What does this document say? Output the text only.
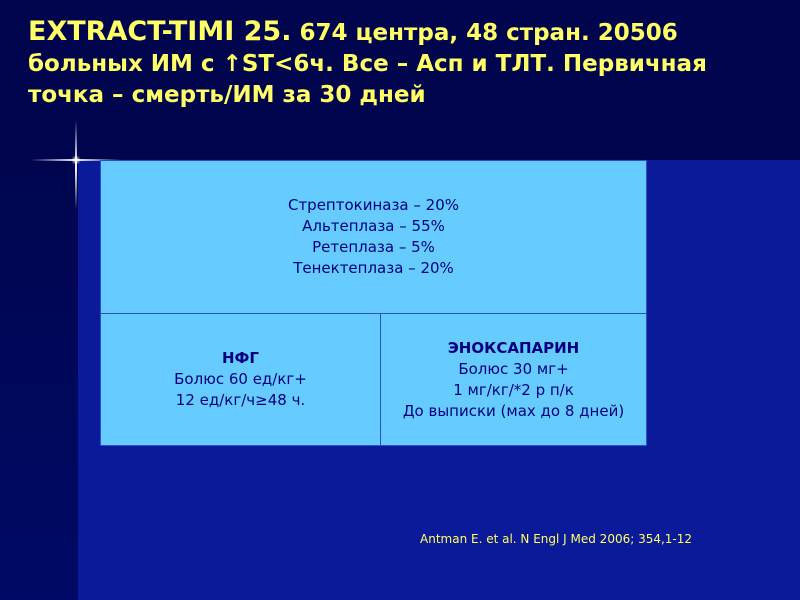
EXTRACT-TIMI 25. 674 центра, 48 стран. 20506
больных ИМ с ↑ST<6ч. Все – Асп и ТЛТ. Первичная
точка – смерть/ИМ за 30 дней
Стрептокиназа – 20%
Альтеплаза – 55%
Ретеплаза – 5%
Тенектеплаза – 20%
НФГ
Болюс 60 ед/кг+
12 ед/кг/ч≥48 ч.
ЭНОКСАПАРИН
Болюс 30 мг+
1 мг/кг/*2 р п/к
До выписки (мах до 8 дней)
Antman E. et al. N Engl J Med 2006; 354,1-12
